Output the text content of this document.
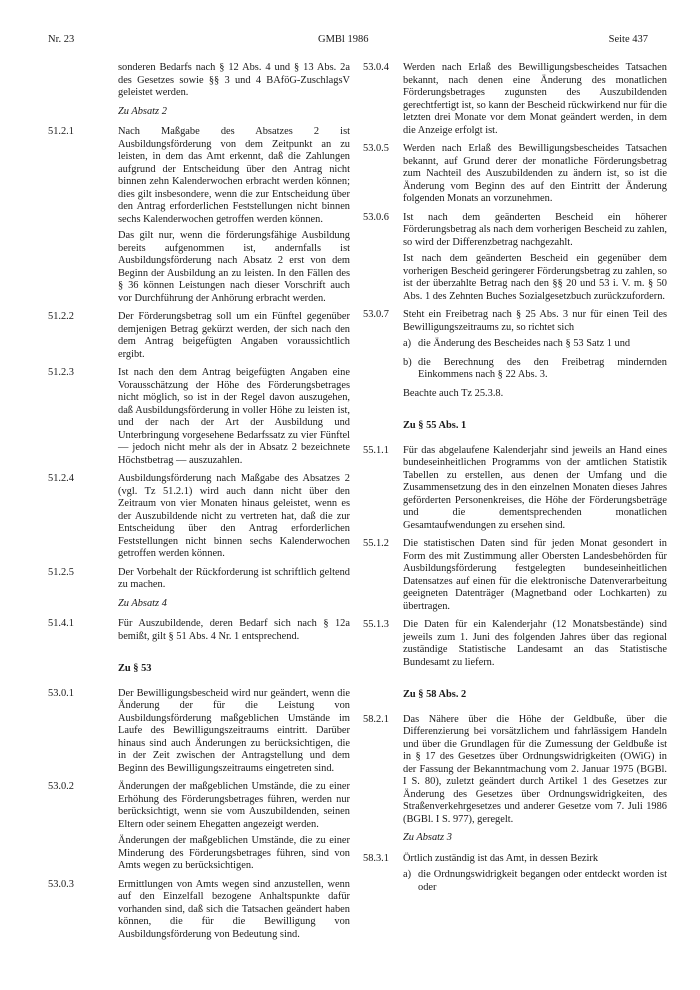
Nr. 23	GMBl 1986	Seite 437

sonderen Bedarfs nach § 12 Abs. 4 und § 13 Abs. 2a des Gesetzes sowie §§ 3 und 4 BAföG-ZuschlagsV geleistet werden.

Zu Absatz 2
51.2.1	Nach Maßgabe des Absatzes 2 ist Ausbildungsförderung von dem Zeitpunkt an zu leisten, in dem das Amt erkennt, daß die Zahlungen aufgrund der Entscheidung über den Antrag nicht binnen zehn Kalenderwochen erbracht werden können; dies gilt insbesondere, wenn die zur Entscheidung über den Antrag erforderlichen Feststellungen nicht binnen sechs Kalenderwochen getroffen werden können.

Das gilt nur, wenn die förderungsfähige Ausbildung bereits aufgenommen ist, andernfalls ist Ausbildungsförderung nach Absatz 2 erst von dem Beginn der Ausbildung an zu leisten. In den Fällen des § 36 können Leistungen nach dieser Vorschrift auch vor Durchführung der Anhörung erbracht werden.

51.2.2	Der Förderungsbetrag soll um ein Fünftel gegenüber demjenigen Betrag gekürzt werden, der sich nach den dem Antrag beigefügten Angaben voraussichtlich ergibt.

51.2.3	Ist nach den dem Antrag beigefügten Angaben eine Vorausschätzung der Höhe des Förderungsbetrages nicht möglich, so ist in der Regel davon auszugehen, daß Ausbildungsförderung in voller Höhe zu leisten ist, und der nach der Art der Ausbildung und Unterbringung vorgesehene Bedarfssatz zu vier Fünftel — jedoch nicht mehr als der in Absatz 2 bezeichnete Höchstbetrag — auszuzahlen.

51.2.4	Ausbildungsförderung nach Maßgabe des Absatzes 2 (vgl. Tz 51.2.1) wird auch dann nicht über den Zeitraum von vier Monaten hinaus geleistet, wenn es der Auszubildende nicht zu vertreten hat, daß die zur Entscheidung über den Antrag erforderlichen Feststellungen nicht binnen sechs Kalenderwochen getroffen werden können.

51.2.5	Der Vorbehalt der Rückforderung ist schriftlich geltend zu machen.

Zu Absatz 4
51.4.1	Für Auszubildende, deren Bedarf sich nach § 12a bemißt, gilt § 51 Abs. 4 Nr. 1 entsprechend.

Zu § 53
53.0.1	Der Bewilligungsbescheid wird nur geändert, wenn die Änderung der für die Leistung von Ausbildungsförderung maßgeblichen Umstände im Laufe des Bewilligungszeitraums eintritt. Darüber hinaus sind auch Änderungen zu berücksichtigen, die in der Zeit zwischen der Antragstellung und dem Beginn des Bewilligungszeitraums eingetreten sind.

53.0.2	Änderungen der maßgeblichen Umstände, die zu einer Erhöhung des Förderungsbetrages führen, werden nur berücksichtigt, wenn sie vom Auszubildenden, seinen Eltern oder seinem Ehegatten angezeigt werden.

Änderungen der maßgeblichen Umstände, die zu einer Minderung des Förderungsbetrages führen, sind von Amts wegen zu berücksichtigen.

53.0.3	Ermittlungen von Amts wegen sind anzustellen, wenn auf den Einzelfall bezogene Anhaltspunkte dafür vorhanden sind, daß sich die Tatsachen geändert haben können, die für die Bewilligung von Ausbildungsförderung von Bedeutung sind.

53.0.4 Werden nach Erlaß des Bewilligungsbescheides Tatsachen bekannt, nach denen eine Änderung des monatlichen Förderungsbetrages zugunsten des Auszubildenden gerechtfertigt ist, so kann der Bescheid rückwirkend nur für die letzten drei Monate vor dem Monat geändert werden, in dem die Anzeige erfolgt ist.

53.0.5 Werden nach Erlaß des Bewilligungsbescheides Tatsachen bekannt, auf Grund derer der monatliche Förderungsbetrag zum Nachteil des Auszubildenden zu ändern ist, so ist die Änderung vom Beginn des auf den Eintritt der Änderung folgenden Monats an vorzunehmen.

53.0.6 Ist nach dem geänderten Bescheid ein höherer Förderungsbetrag als nach dem vorherigen Bescheid zu zahlen, so wird der Differenzbetrag nachgezahlt.

Ist nach dem geänderten Bescheid ein gegenüber dem vorherigen Bescheid geringerer Förderungsbetrag zu zahlen, so ist der überzahlte Betrag nach den §§ 20 und 53 i. V. m. § 50 Abs. 1 des Zehnten Buches Sozialgesetzbuch zurückzufordern.

53.0.7 Steht ein Freibetrag nach § 25 Abs. 3 nur für einen Teil des Bewilligungszeitraums zu, so richtet sich

a) die Änderung des Bescheides nach § 53 Satz 1 und
b) die Berechnung des den Freibetrag mindernden Einkommens nach § 22 Abs. 3.

Beachte auch Tz 25.3.8.

Zu § 55 Abs. 1
55.1.1 Für das abgelaufene Kalenderjahr sind jeweils an Hand eines bundeseinheitlichen Programms von der amtlichen Statistik Tabellen zu erstellen, aus denen der Umfang und die Zusammensetzung des in den einzelnen Monaten dieses Jahres geförderten Personenkreises, die Höhe der Förderungsbeträge und die dementsprechenden monatlichen Gesamtaufwendungen zu ersehen sind.

55.1.2 Die statistischen Daten sind für jeden Monat gesondert in Form des mit Zustimmung aller Obersten Landesbehörden für Ausbildungsförderung festgelegten bundeseinheitlichen Datensatzes auf einen für die elektronische Datenverarbeitung geeigneten Datenträger (Magnetband oder Lochkarten) zu übertragen.

55.1.3 Die Daten für ein Kalenderjahr (12 Monatsbestände) sind jeweils zum 1. Juni des folgenden Jahres über das regional zuständige Statistische Landesamt an das Statistische Bundesamt zu liefern.

Zu § 58 Abs. 2
58.2.1 Das Nähere über die Höhe der Geldbuße, über die Differenzierung bei vorsätzlichem und fahrlässigem Handeln und über die Grundlagen für die Zumessung der Geldbuße ist in § 17 des Gesetzes über Ordnungswidrigkeiten (OWiG) in der Fassung der Bekanntmachung vom 2. Januar 1975 (BGBl. I S. 80), zuletzt geändert durch Artikel 1 des Gesetzes zur Änderung des Gesetzes über Ordnungswidrigkeiten, des Straßenverkehrgesetzes und anderer Gesetze vom 7. Juli 1986 (BGBl. I S. 977), geregelt.

Zu Absatz 3
58.3.1 Örtlich zuständig ist das Amt, in dessen Bezirk

a) die Ordnungswidrigkeit begangen oder entdeckt worden ist oder
